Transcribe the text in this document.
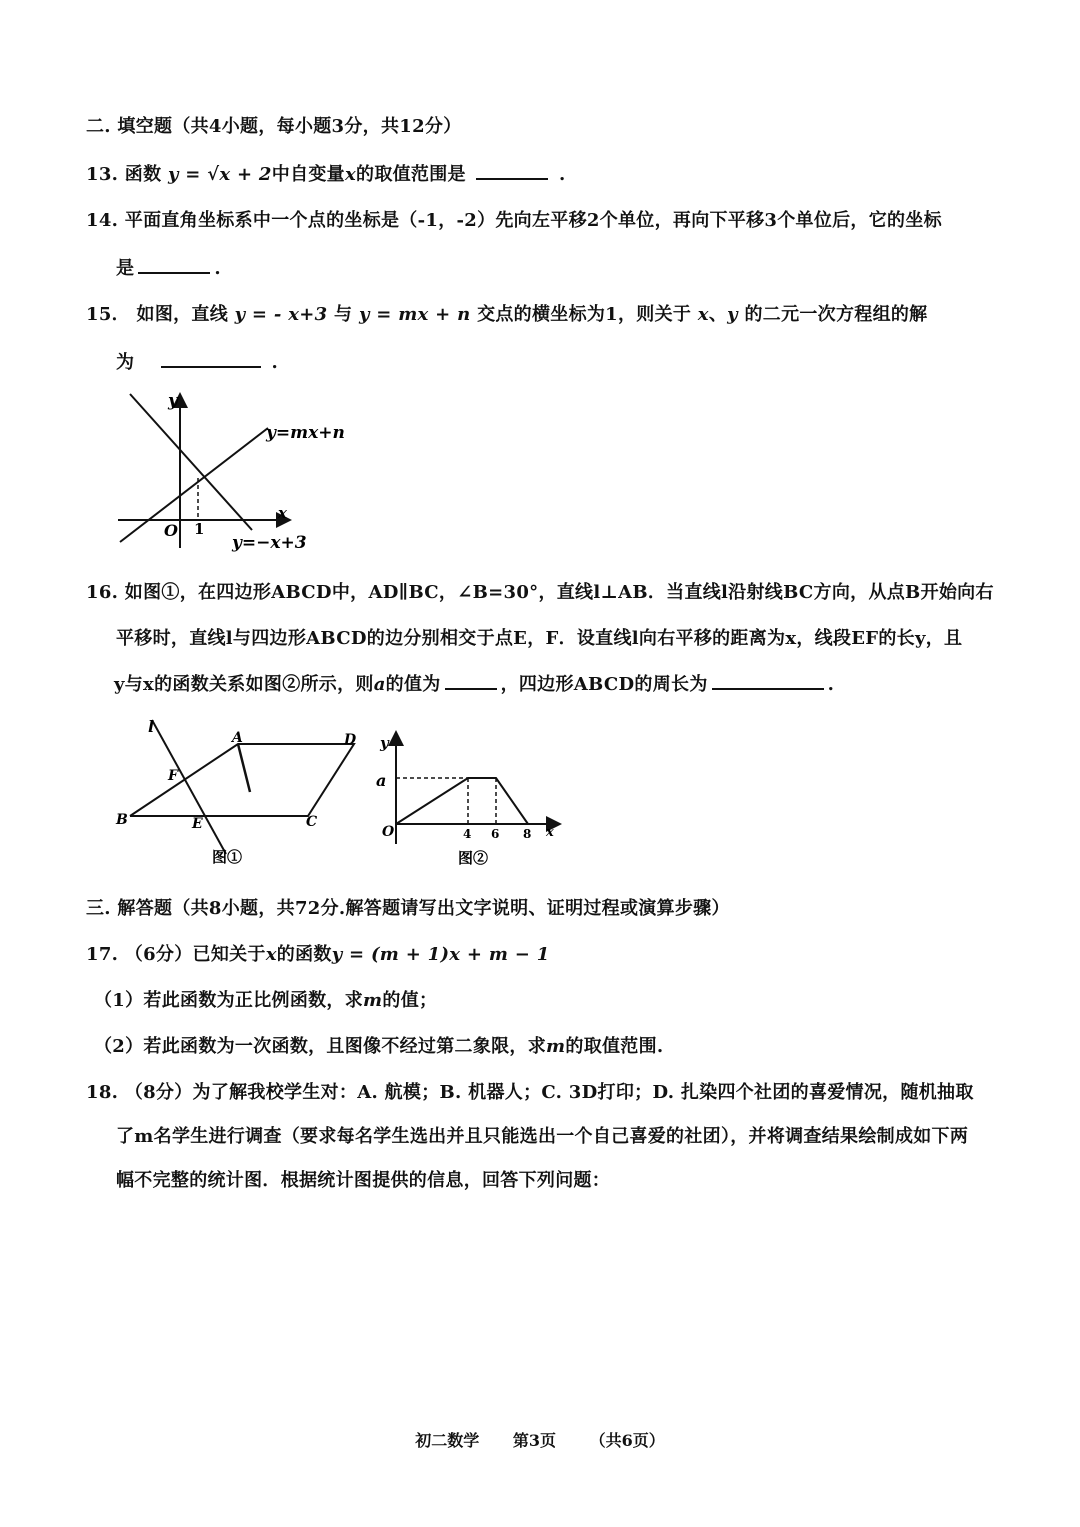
二. 填空题（共4小题，每小题3分，共12分）
13. 函数 y = √x + 2中自变量x的取值范围是	.
14. 平面直角坐标系中一个点的坐标是（-1，-2）先向左平移2个单位，再向下平移3个单位后，它的坐标
是	.
15． 如图，直线 y = - x+3 与 y = mx + n 交点的横坐标为1，则关于 x、y 的二元一次方程组的解
为	.
y
x
O 1
y=mx+n
y=−x+3
16. 如图①，在四边形ABCD中，AD∥BC，∠B=30°，直线l⊥AB．当直线l沿射线BC方向，从点B开始向右
平移时，直线l与四边形ABCD的边分别相交于点E，F．设直线l向右平移的距离为x，线段EF的长y，且
y与x的函数关系如图②所示，则a的值为	，四边形ABCD的周长为	.
l
A	D
F
B	E	C
图①
y
a
O	4 6 8 x
图②
三. 解答题（共8小题，共72分.解答题请写出文字说明、证明过程或演算步骤）
17. （6分）已知关于x的函数y = (m + 1)x + m − 1
（1）若此函数为正比例函数，求m的值；
（2）若此函数为一次函数，且图像不经过第二象限，求m的取值范围.
18. （8分）为了解我校学生对：A. 航模；B. 机器人；C. 3D打印；D. 扎染四个社团的喜爱情况，随机抽取
了m名学生进行调查（要求每名学生选出并且只能选出一个自己喜爱的社团），并将调查结果绘制成如下两
幅不完整的统计图．根据统计图提供的信息，回答下列问题：
初二数学 第3页 （共6页）
